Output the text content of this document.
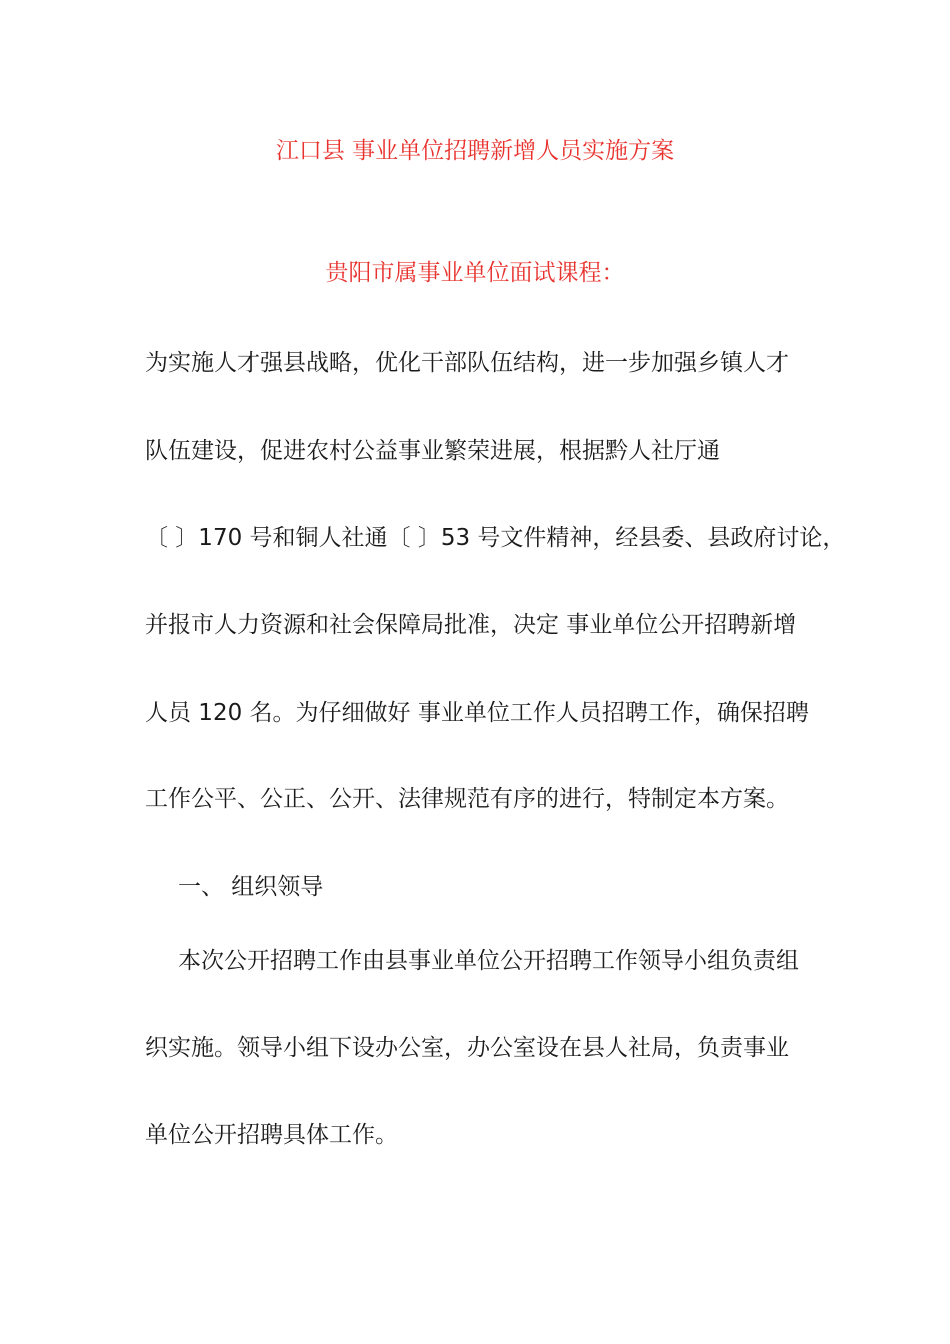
江口县 事业单位招聘新增人员实施方案
贵阳市属事业单位面试课程：
为实施人才强县战略，优化干部队伍结构，进一步加强乡镇人才
队伍建设，促进农村公益事业繁荣进展，根据黔人社厅通
〔 〕170 号和铜人社通〔 〕53 号文件精神，经县委、县政府讨论，
并报市人力资源和社会保障局批准，决定 事业单位公开招聘新增
人员 120 名。为仔细做好 事业单位工作人员招聘工作，确保招聘
工作公平、公正、公开、法律规范有序的进行，特制定本方案。
一、 组织领导
本次公开招聘工作由县事业单位公开招聘工作领导小组负责组
织实施。领导小组下设办公室，办公室设在县人社局，负责事业
单位公开招聘具体工作。
